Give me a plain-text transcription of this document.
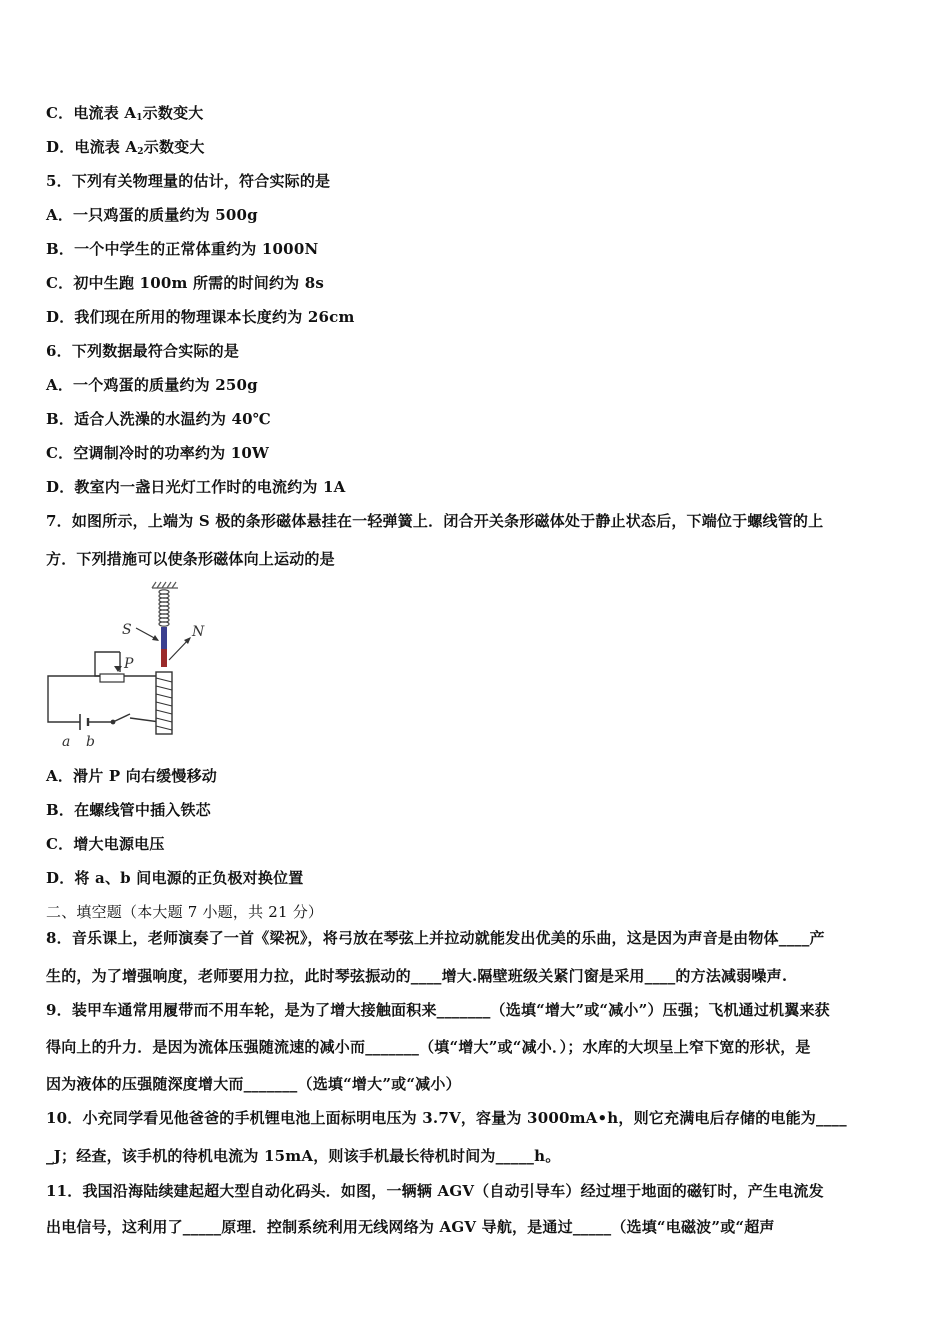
C．电流表 $A_1$示数变大
D．电流表 $A_2$示数变大
5．下列有关物理量的估计，符合实际的是
A．一只鸡蛋的质量约为 500g
B．一个中学生的正常体重约为 1000N
C．初中生跑 100m 所需的时间约为 8s
D．我们现在所用的物理课本长度约为 26cm
6．下列数据最符合实际的是
A．一个鸡蛋的质量约为 250g
B．适合人洗澡的水温约为 40℃
C．空调制冷时的功率约为 10W
D．教室内一盏日光灯工作时的电流约为 1A
7．如图所示，上端为 S 极的条形磁体悬挂在一轻弹簧上．闭合开关条形磁体处于静止状态后，下端位于螺线管的上
方．下列措施可以使条形磁体向上运动的是
S	N
P
a b
A．滑片 P 向右缓慢移动
B．在螺线管中插入铁芯
C．增大电源电压
D．将 a、b 间电源的正负极对换位置
二、填空题（本大题 7 小题，共 21 分）
8．音乐课上，老师演奏了一首《梁祝》，将弓放在琴弦上并拉动就能发出优美的乐曲，这是因为声音是由物体____产
生的，为了增强响度，老师要用力拉，此时琴弦振动的____增大.隔壁班级关紧门窗是采用____的方法减弱噪声.
9．装甲车通常用履带而不用车轮，是为了增大接触面积来_______（选填“增大”或“减小”）压强；飞机通过机翼来获
得向上的升力．是因为流体压强随流速的减小而_______（填“增大”或“减小．）；水库的大坝呈上窄下宽的形状，是
因为液体的压强随深度增大而_______（选填“增大”或“减小）
10．小充同学看见他爸爸的手机锂电池上面标明电压为 3.7V，容量为 3000mA•h，则它充满电后存储的电能为____
_J；经查，该手机的待机电流为 15mA，则该手机最长待机时间为_____h。
11．我国沿海陆续建起超大型自动化码头．如图，一辆辆 AGV（自动引导车）经过埋于地面的磁钉时，产生电流发
出电信号，这利用了_____原理．控制系统利用无线网络为 AGV 导航，是通过_____（选填“电磁波”或“超声
